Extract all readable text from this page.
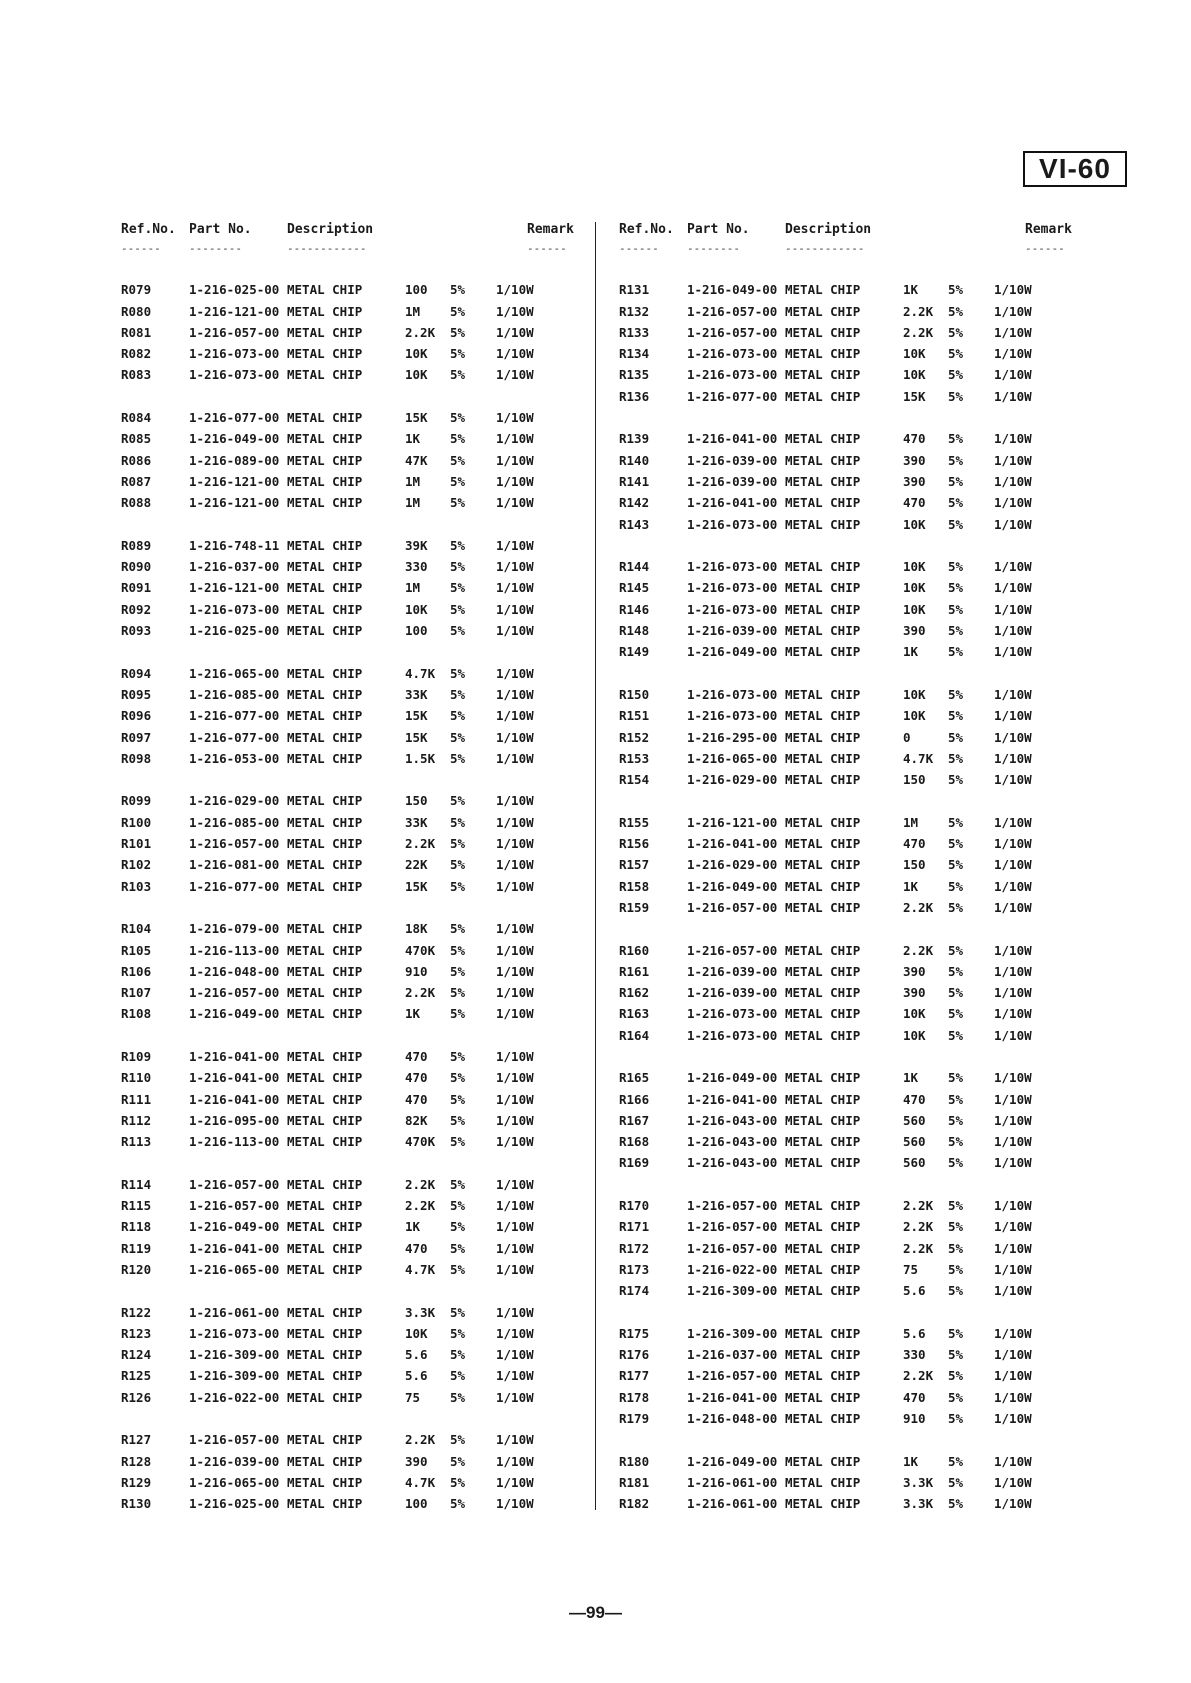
VI-60
Ref.No. Part No.	Description	Remark
------	--------	------------	------
R079	1-216-025-00 METAL CHIP	100 5% 1/10W
R080	1-216-121-00 METAL CHIP	1M 5% 1/10W
R081	1-216-057-00 METAL CHIP	2.2K 5% 1/10W
R082	1-216-073-00 METAL CHIP	10K 5% 1/10W
R083	1-216-073-00 METAL CHIP	10K 5% 1/10W
R084	1-216-077-00 METAL CHIP	15K 5% 1/10W
R085	1-216-049-00 METAL CHIP	1K 5% 1/10W
R086	1-216-089-00 METAL CHIP	47K 5% 1/10W
R087	1-216-121-00 METAL CHIP	1M 5% 1/10W
R088	1-216-121-00 METAL CHIP	1M 5% 1/10W
R089	1-216-748-11 METAL CHIP	39K 5% 1/10W
R090	1-216-037-00 METAL CHIP	330 5% 1/10W
R091	1-216-121-00 METAL CHIP	1M 5% 1/10W
R092	1-216-073-00 METAL CHIP	10K 5% 1/10W
R093	1-216-025-00 METAL CHIP	100 5% 1/10W
R094	1-216-065-00 METAL CHIP	4.7K 5% 1/10W
R095	1-216-085-00 METAL CHIP	33K 5% 1/10W
R096	1-216-077-00 METAL CHIP	15K 5% 1/10W
R097	1-216-077-00 METAL CHIP	15K 5% 1/10W
R098	1-216-053-00 METAL CHIP	1.5K 5% 1/10W
R099	1-216-029-00 METAL CHIP	150 5% 1/10W
R100	1-216-085-00 METAL CHIP	33K 5% 1/10W
R101	1-216-057-00 METAL CHIP	2.2K 5% 1/10W
R102	1-216-081-00 METAL CHIP	22K 5% 1/10W
R103	1-216-077-00 METAL CHIP	15K 5% 1/10W
R104	1-216-079-00 METAL CHIP	18K 5% 1/10W
R105	1-216-113-00 METAL CHIP	470K 5% 1/10W
R106	1-216-048-00 METAL CHIP	910 5% 1/10W
R107	1-216-057-00 METAL CHIP	2.2K 5% 1/10W
R108	1-216-049-00 METAL CHIP	1K 5% 1/10W
R109	1-216-041-00 METAL CHIP	470 5% 1/10W
R110	1-216-041-00 METAL CHIP	470 5% 1/10W
R111	1-216-041-00 METAL CHIP	470 5% 1/10W
R112	1-216-095-00 METAL CHIP	82K 5% 1/10W
R113	1-216-113-00 METAL CHIP	470K 5% 1/10W
R114	1-216-057-00 METAL CHIP	2.2K 5% 1/10W
R115	1-216-057-00 METAL CHIP	2.2K 5% 1/10W
R118	1-216-049-00 METAL CHIP	1K 5% 1/10W
R119	1-216-041-00 METAL CHIP	470 5% 1/10W
R120	1-216-065-00 METAL CHIP	4.7K 5% 1/10W
R122	1-216-061-00 METAL CHIP	3.3K 5% 1/10W
R123	1-216-073-00 METAL CHIP	10K 5% 1/10W
R124	1-216-309-00 METAL CHIP	5.6 5% 1/10W
R125	1-216-309-00 METAL CHIP	5.6 5% 1/10W
R126	1-216-022-00 METAL CHIP	75 5% 1/10W
R127	1-216-057-00 METAL CHIP	2.2K 5% 1/10W
R128	1-216-039-00 METAL CHIP	390 5% 1/10W
R129	1-216-065-00 METAL CHIP	4.7K 5% 1/10W
R130	1-216-025-00 METAL CHIP	100 5% 1/10W
Ref.No. Part No.	Description	Remark
------	--------	------------	------
R131	1-216-049-00 METAL CHIP	1K 5% 1/10W
R132	1-216-057-00 METAL CHIP	2.2K 5% 1/10W
R133	1-216-057-00 METAL CHIP	2.2K 5% 1/10W
R134	1-216-073-00 METAL CHIP	10K 5% 1/10W
R135	1-216-073-00 METAL CHIP	10K 5% 1/10W
R136	1-216-077-00 METAL CHIP	15K 5% 1/10W
R139	1-216-041-00 METAL CHIP	470 5% 1/10W
R140	1-216-039-00 METAL CHIP	390 5% 1/10W
R141	1-216-039-00 METAL CHIP	390 5% 1/10W
R142	1-216-041-00 METAL CHIP	470 5% 1/10W
R143	1-216-073-00 METAL CHIP	10K 5% 1/10W
R144	1-216-073-00 METAL CHIP	10K 5% 1/10W
R145	1-216-073-00 METAL CHIP	10K 5% 1/10W
R146	1-216-073-00 METAL CHIP	10K 5% 1/10W
R148	1-216-039-00 METAL CHIP	390 5% 1/10W
R149	1-216-049-00 METAL CHIP	1K 5% 1/10W
R150	1-216-073-00 METAL CHIP	10K 5% 1/10W
R151	1-216-073-00 METAL CHIP	10K 5% 1/10W
R152	1-216-295-00 METAL CHIP	0	5% 1/10W
R153	1-216-065-00 METAL CHIP	4.7K 5% 1/10W
R154	1-216-029-00 METAL CHIP	150 5% 1/10W
R155	1-216-121-00 METAL CHIP	1M 5% 1/10W
R156	1-216-041-00 METAL CHIP	470 5% 1/10W
R157	1-216-029-00 METAL CHIP	150 5% 1/10W
R158	1-216-049-00 METAL CHIP	1K 5% 1/10W
R159	1-216-057-00 METAL CHIP	2.2K 5% 1/10W
R160	1-216-057-00 METAL CHIP	2.2K 5% 1/10W
R161	1-216-039-00 METAL CHIP	390 5% 1/10W
R162	1-216-039-00 METAL CHIP	390 5% 1/10W
R163	1-216-073-00 METAL CHIP	10K 5% 1/10W
R164	1-216-073-00 METAL CHIP	10K 5% 1/10W
R165	1-216-049-00 METAL CHIP	1K 5% 1/10W
R166	1-216-041-00 METAL CHIP	470 5% 1/10W
R167	1-216-043-00 METAL CHIP	560 5% 1/10W
R168	1-216-043-00 METAL CHIP	560 5% 1/10W
R169	1-216-043-00 METAL CHIP	560 5% 1/10W
R170	1-216-057-00 METAL CHIP	2.2K 5% 1/10W
R171	1-216-057-00 METAL CHIP	2.2K 5% 1/10W
R172	1-216-057-00 METAL CHIP	2.2K 5% 1/10W
R173	1-216-022-00 METAL CHIP	75 5% 1/10W
R174	1-216-309-00 METAL CHIP	5.6 5% 1/10W
R175	1-216-309-00 METAL CHIP	5.6 5% 1/10W
R176	1-216-037-00 METAL CHIP	330 5% 1/10W
R177	1-216-057-00 METAL CHIP	2.2K 5% 1/10W
R178	1-216-041-00 METAL CHIP	470 5% 1/10W
R179	1-216-048-00 METAL CHIP	910 5% 1/10W
R180	1-216-049-00 METAL CHIP	1K 5% 1/10W
R181	1-216-061-00 METAL CHIP	3.3K 5% 1/10W
R182	1-216-061-00 METAL CHIP	3.3K 5% 1/10W
—99—
